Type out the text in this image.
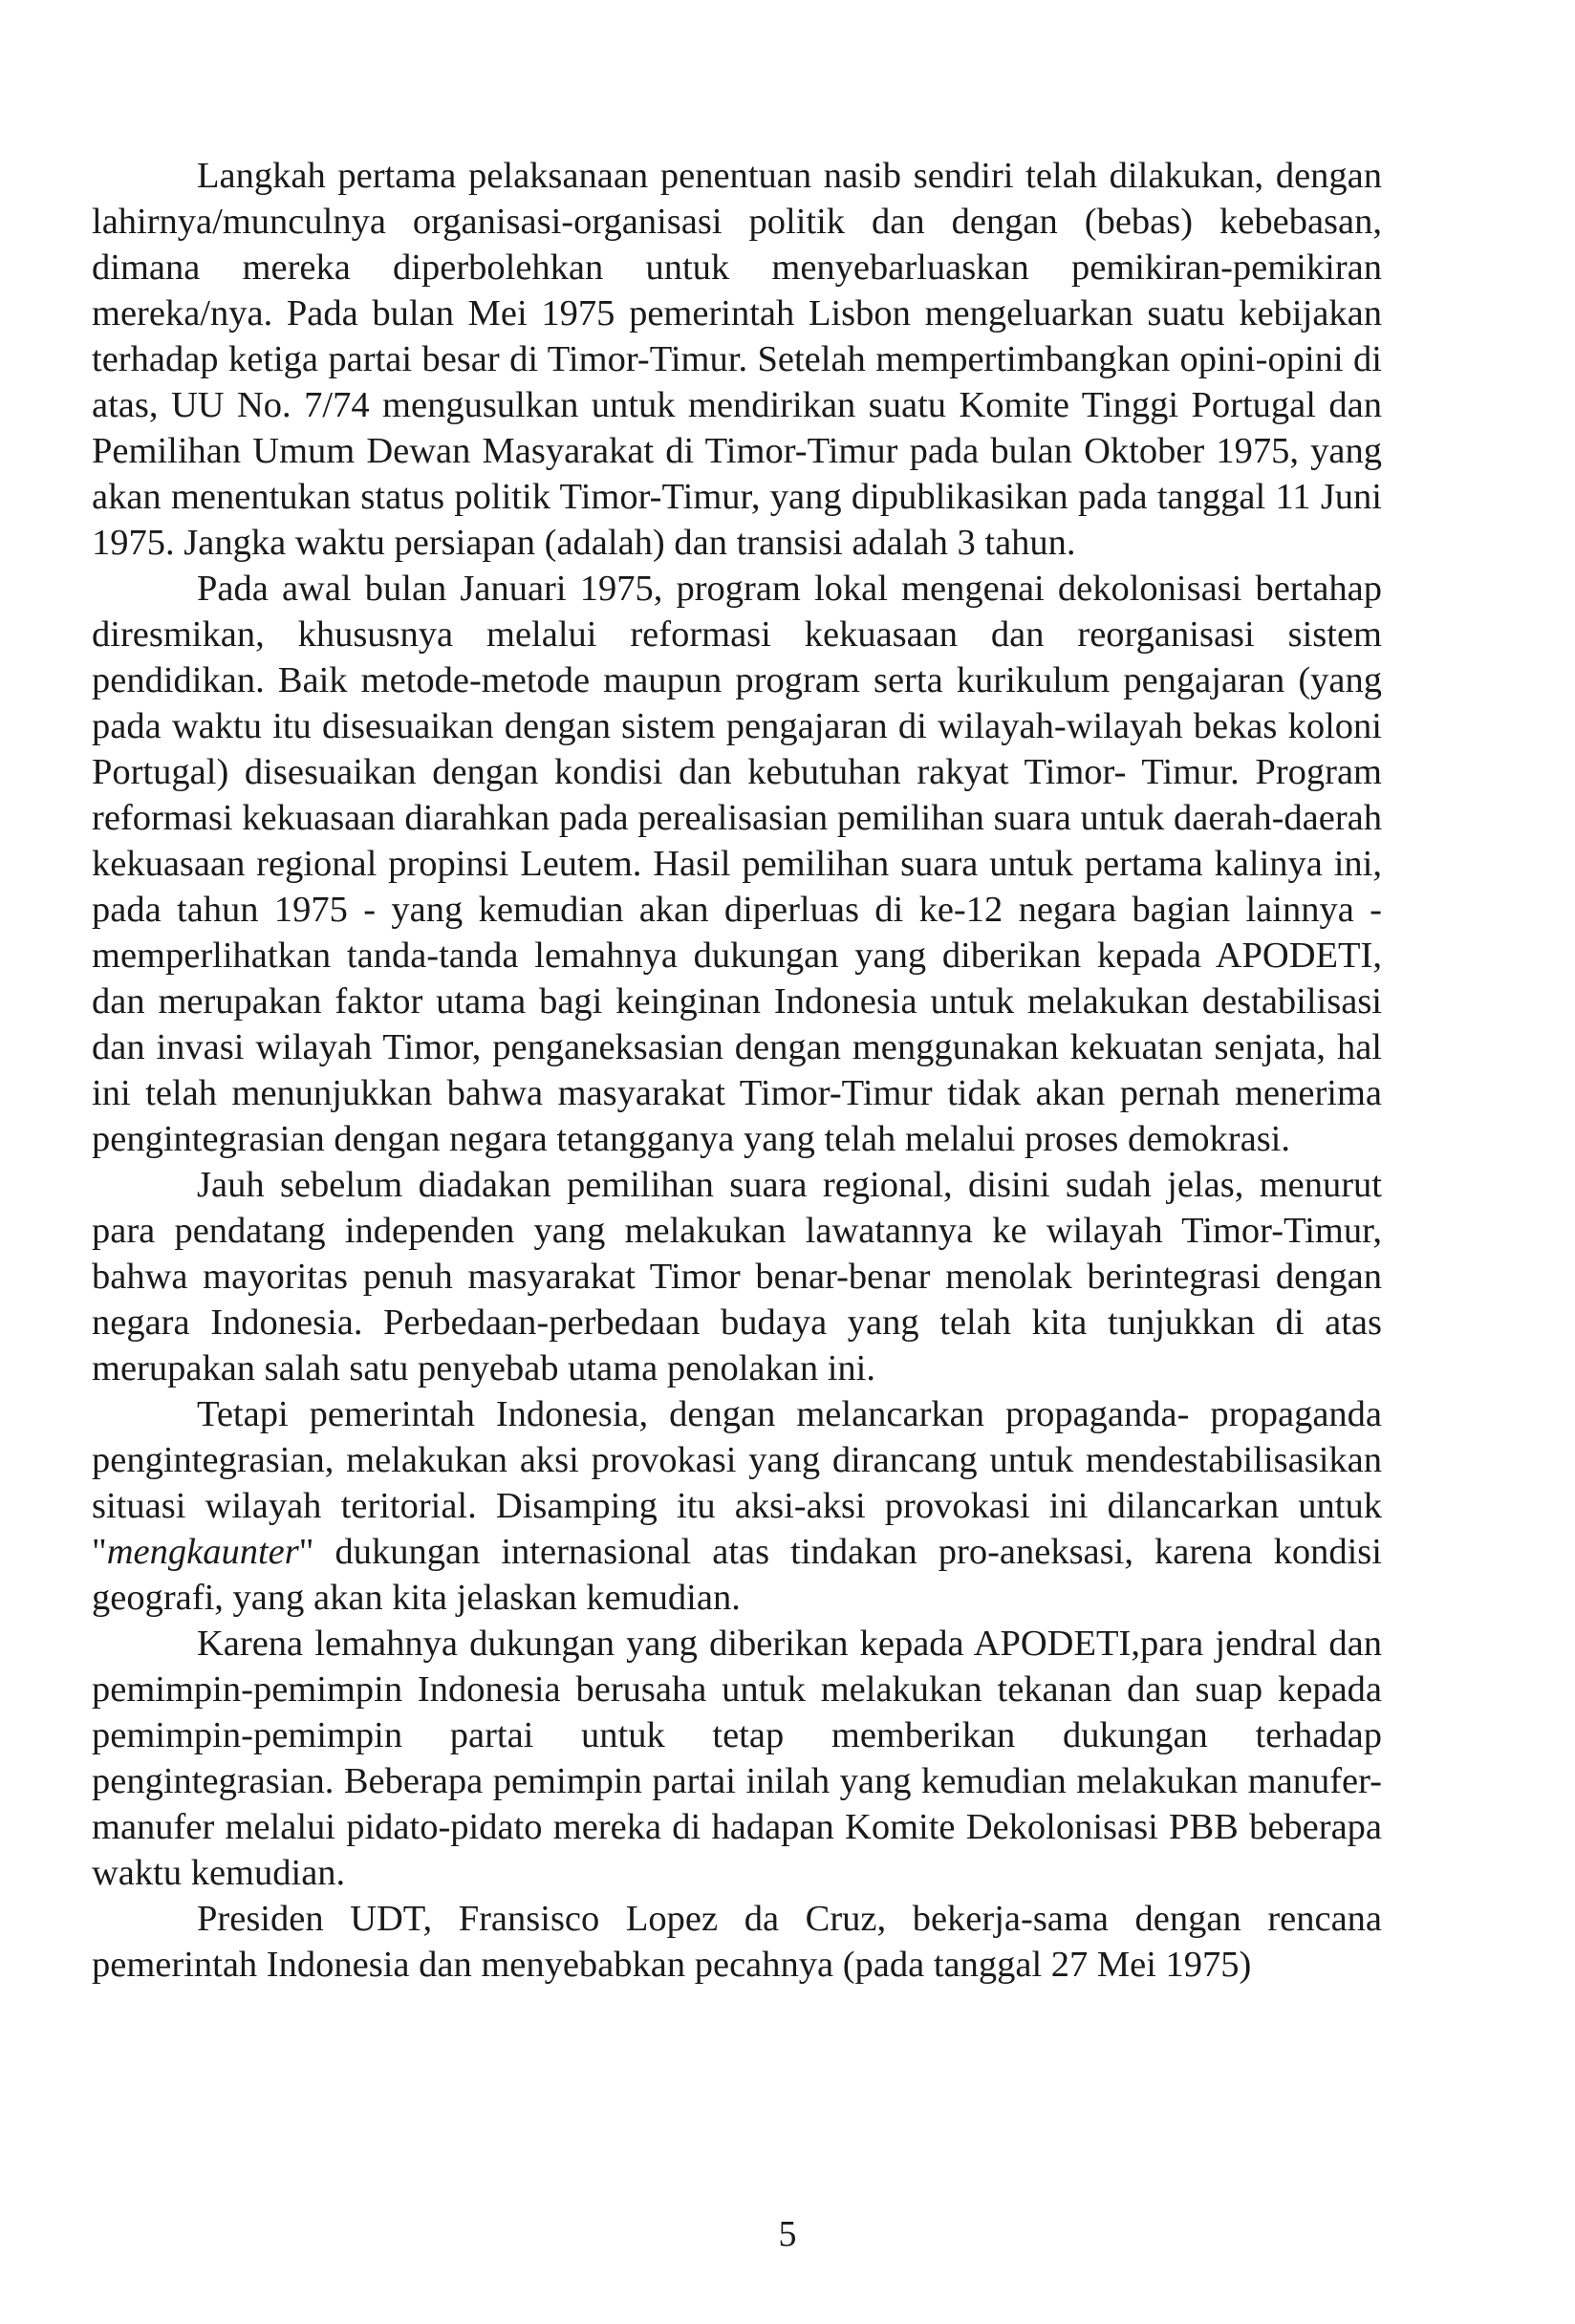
Langkah pertama pelaksanaan penentuan nasib sendiri telah dilakukan, dengan lahirnya/munculnya organisasi-organisasi politik dan dengan (bebas) kebebasan, dimana mereka diperbolehkan untuk menyebarluaskan pemikiran-pemikiran mereka/nya. Pada bulan Mei 1975 pemerintah Lisbon mengeluarkan suatu kebijakan terhadap ketiga partai besar di Timor-Timur. Setelah mempertimbangkan opini-opini di atas, UU No. 7/74 mengusulkan untuk mendirikan suatu Komite Tinggi Portugal dan Pemilihan Umum Dewan Masyarakat di Timor-Timur pada bulan Oktober 1975, yang akan menentukan status politik Timor-Timur, yang dipublikasikan pada tanggal 11 Juni 1975. Jangka waktu persiapan (adalah) dan transisi adalah 3 tahun.

Pada awal bulan Januari 1975, program lokal mengenai dekolonisasi bertahap diresmikan, khususnya melalui reformasi kekuasaan dan reorganisasi sistem pendidikan. Baik metode-metode maupun program serta kurikulum pengajaran (yang pada waktu itu disesuaikan dengan sistem pengajaran di wilayah-wilayah bekas koloni Portugal) disesuaikan dengan kondisi dan kebutuhan rakyat Timor- Timur. Program reformasi kekuasaan diarahkan pada perealisasian pemilihan suara untuk daerah-daerah kekuasaan regional propinsi Leutem. Hasil pemilihan suara untuk pertama kalinya ini, pada tahun 1975 - yang kemudian akan diperluas di ke-12 negara bagian lainnya - memperlihatkan tanda-tanda lemahnya dukungan yang diberikan kepada APODETI, dan merupakan faktor utama bagi keinginan Indonesia untuk melakukan destabilisasi dan invasi wilayah Timor, penganeksasian dengan menggunakan kekuatan senjata, hal ini telah menunjukkan bahwa masyarakat Timor-Timur tidak akan pernah menerima pengintegrasian dengan negara tetangganya yang telah melalui proses demokrasi.

Jauh sebelum diadakan pemilihan suara regional, disini sudah jelas, menurut para pendatang independen yang melakukan lawatannya ke wilayah Timor-Timur, bahwa mayoritas penuh masyarakat Timor benar-benar menolak berintegrasi dengan negara Indonesia. Perbedaan-perbedaan budaya yang telah kita tunjukkan di atas merupakan salah satu penyebab utama penolakan ini.

Tetapi pemerintah Indonesia, dengan melancarkan propaganda- propaganda pengintegrasian, melakukan aksi provokasi yang dirancang untuk mendestabilisasikan situasi wilayah teritorial. Disamping itu aksi-aksi provokasi ini dilancarkan untuk "mengkaunter" dukungan internasional atas tindakan pro-aneksasi, karena kondisi geografi, yang akan kita jelaskan kemudian.

Karena lemahnya dukungan yang diberikan kepada APODETI,para jendral dan pemimpin-pemimpin Indonesia berusaha untuk melakukan tekanan dan suap kepada pemimpin-pemimpin partai untuk tetap memberikan dukungan terhadap pengintegrasian. Beberapa pemimpin partai inilah yang kemudian melakukan manufer-manufer melalui pidato-pidato mereka di hadapan Komite Dekolonisasi PBB beberapa waktu kemudian.

Presiden UDT, Fransisco Lopez da Cruz, bekerja-sama dengan rencana pemerintah Indonesia dan menyebabkan pecahnya (pada tanggal 27 Mei 1975)

5
